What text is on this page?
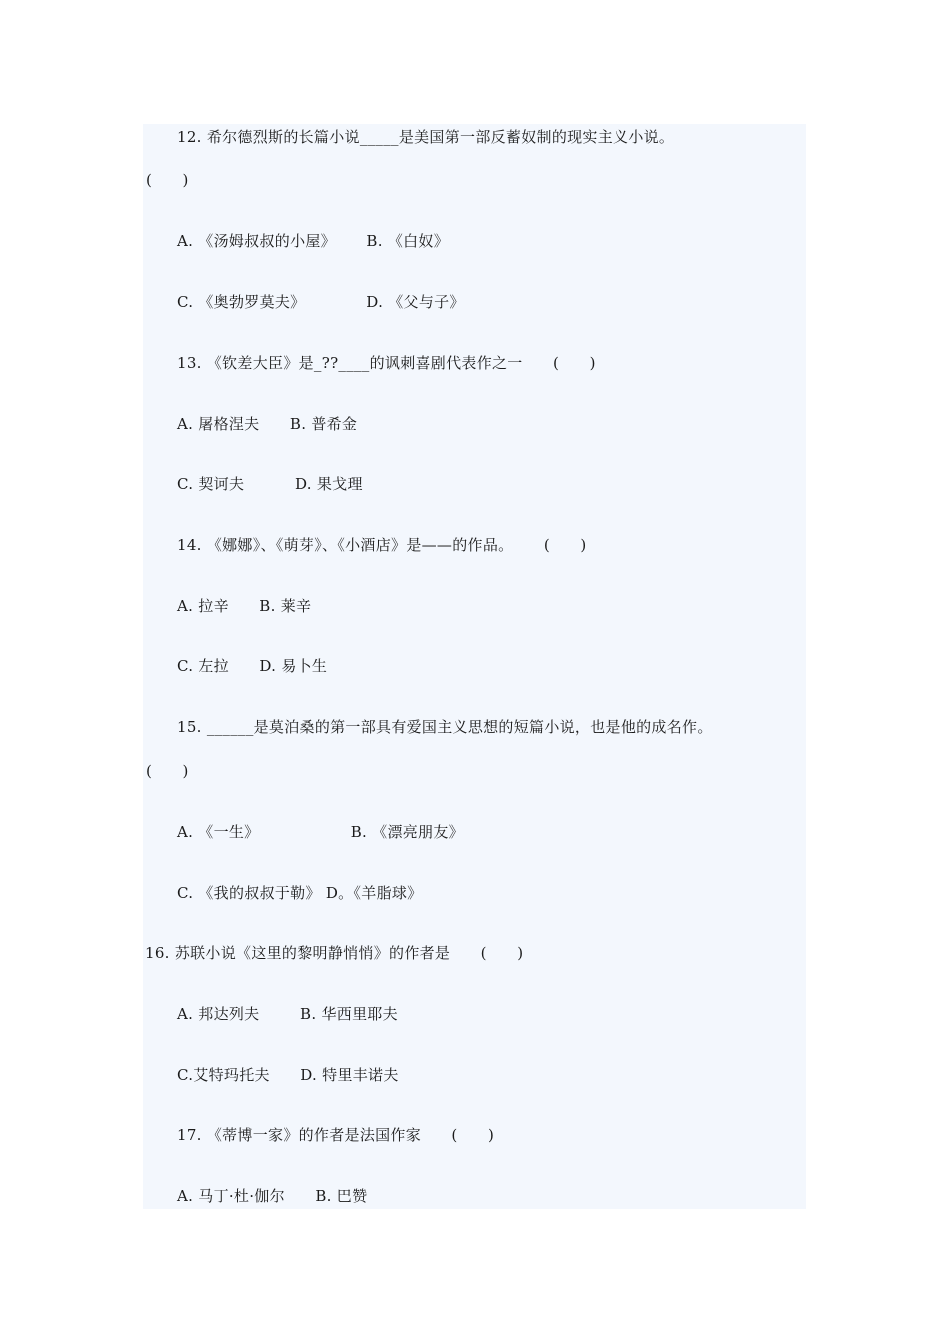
12. 希尔德烈斯的长篇小说_____是美国第一部反蓄奴制的现实主义小说。
(      )
A. 《汤姆叔叔的小屋》      B. 《白奴》
C. 《奥勃罗莫夫》            D. 《父与子》
13. 《钦差大臣》是_??____的讽刺喜剧代表作之一      (      )
A. 屠格涅夫      B. 普希金
C. 契诃夫          D. 果戈理
14. 《娜娜》、《萌芽》、《小酒店》是——的作品。      (      )
A. 拉辛      B. 莱辛
C. 左拉      D. 易卜生
15. ______是莫泊桑的第一部具有爱国主义思想的短篇小说，也是他的成名作。
(      )
A. 《一生》                  B. 《漂亮朋友》
C. 《我的叔叔于勒》 D。《羊脂球》
16. 苏联小说《这里的黎明静悄悄》的作者是      (      )
A. 邦达列夫        B. 华西里耶夫
C.艾特玛托夫      D. 特里丰诺夫
17. 《蒂博一家》的作者是法国作家      (      )
A. 马丁·杜·伽尔      B. 巴赞
